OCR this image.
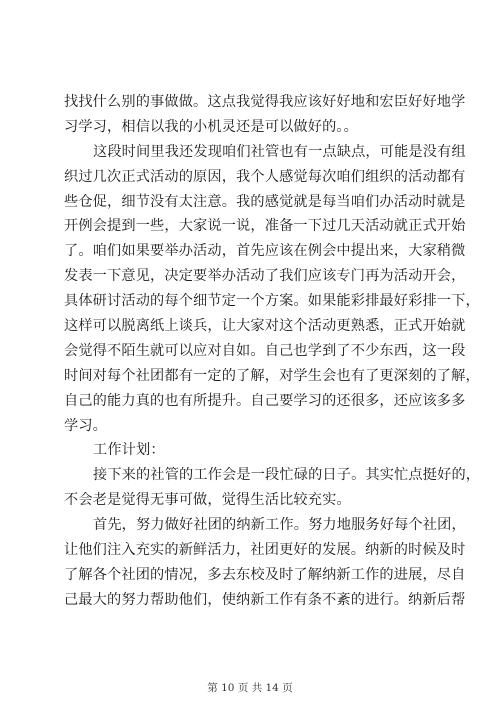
找找什么别的事做做。这点我觉得我应该好好地和宏臣好好地学
习学习，相信以我的小机灵还是可以做好的。。
这段时间里我还发现咱们社管也有一点缺点，可能是没有组
织过几次正式活动的原因，我个人感觉每次咱们组织的活动都有
些仓促，细节没有太注意。我的感觉就是每当咱们办活动时就是
开例会提到一些，大家说一说，准备一下过几天活动就正式开始
了。咱们如果要举办活动，首先应该在例会中提出来，大家稍微
发表一下意见，决定要举办活动了我们应该专门再为活动开会，
具体研讨活动的每个细节定一个方案。如果能彩排最好彩排一下，
这样可以脱离纸上谈兵，让大家对这个活动更熟悉，正式开始就
会觉得不陌生就可以应对自如。自己也学到了不少东西，这一段
时间对每个社团都有一定的了解，对学生会也有了更深刻的了解，
自己的能力真的也有所提升。自己要学习的还很多，还应该多多
学习。
工作计划：
接下来的社管的工作会是一段忙碌的日子。其实忙点挺好的，
不会老是觉得无事可做，觉得生活比较充实。
首先，努力做好社团的纳新工作。努力地服务好每个社团，
让他们注入充实的新鲜活力，社团更好的发展。纳新的时候及时
了解各个社团的情况，多去东校及时了解纳新工作的进展，尽自
己最大的努力帮助他们，使纳新工作有条不紊的进行。纳新后帮
第 10 页 共 14 页
